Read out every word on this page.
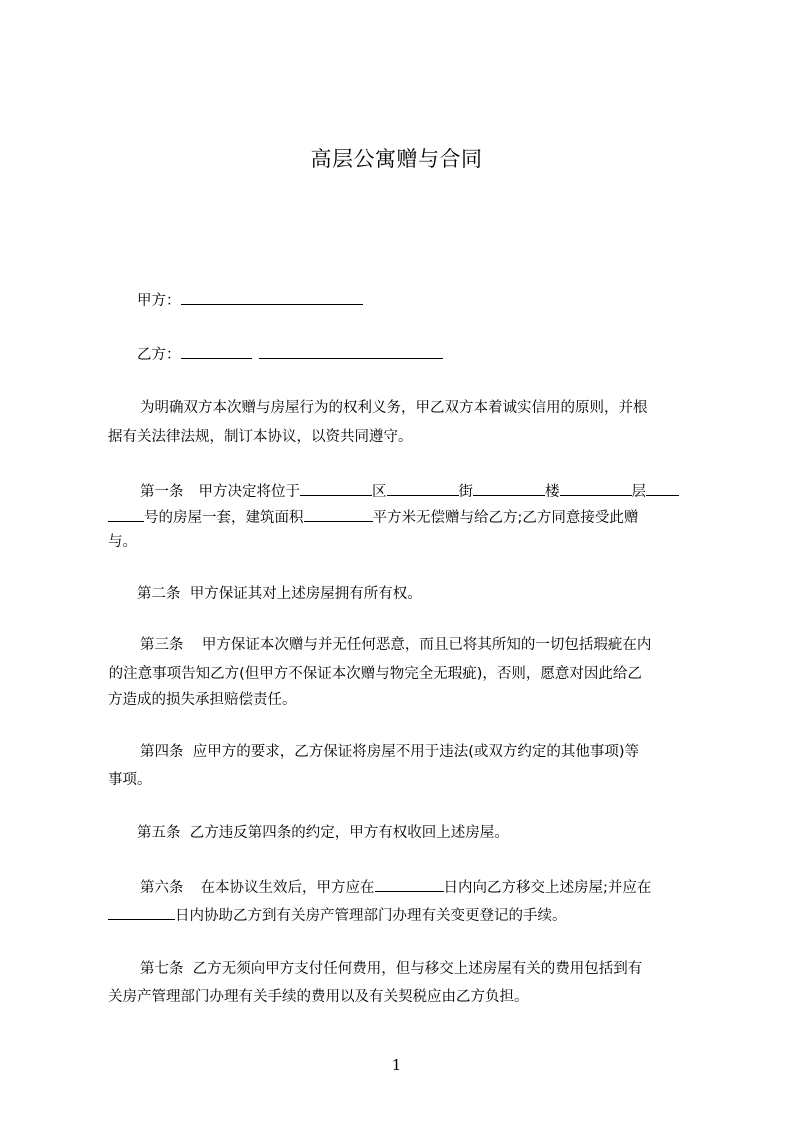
高层公寓赠与合同
甲方：
乙方：
为明确双方本次赠与房屋行为的权利义务，甲乙双方本着诚实信用的原则，并根
据有关法律法规，制订本协议，以资共同遵守。
第一条 甲方决定将位于	区	街	楼	层
号的房屋一套，建筑面积	平方米无偿赠与给乙方;乙方同意接受此赠
与。
第二条  甲方保证其对上述房屋拥有所有权。
第三条    甲方保证本次赠与并无任何恶意，而且已将其所知的一切包括瑕疵在内
的注意事项告知乙方(但甲方不保证本次赠与物完全无瑕疵)，否则，愿意对因此给乙
方造成的损失承担赔偿责任。
第四条  应甲方的要求，乙方保证将房屋不用于违法(或双方约定的其他事项)等
事项。
第五条  乙方违反第四条的约定，甲方有权收回上述房屋。
第六条 在本协议生效后，甲方应在	日内向乙方移交上述房屋;并应在
日内协助乙方到有关房产管理部门办理有关变更登记的手续。
第七条  乙方无须向甲方支付任何费用，但与移交上述房屋有关的费用包括到有
关房产管理部门办理有关手续的费用以及有关契税应由乙方负担。
1
